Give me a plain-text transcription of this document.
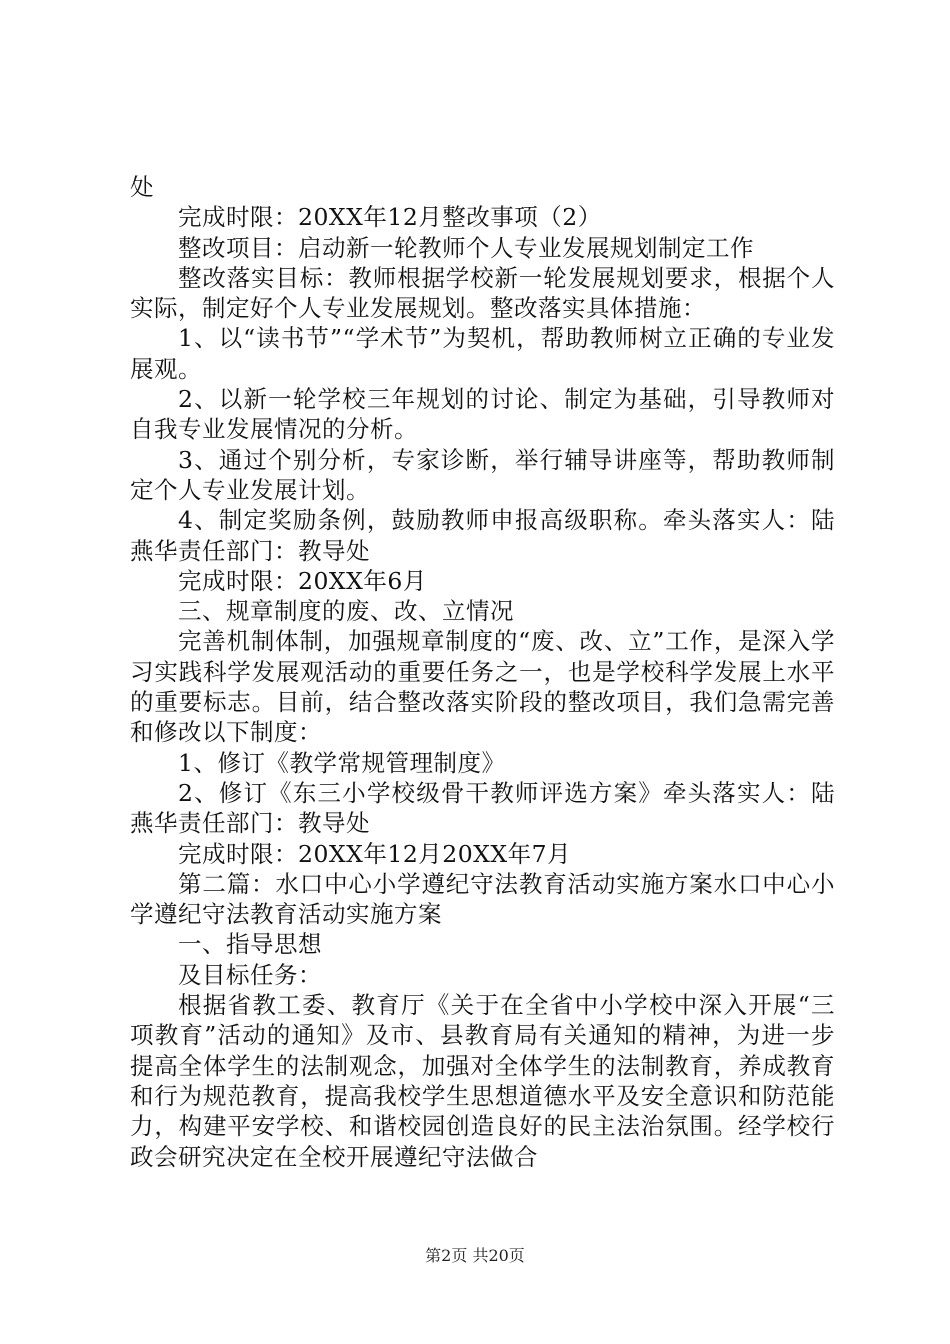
处

完成时限：20XX年12月整改事项（2）

整改项目：启动新一轮教师个人专业发展规划制定工作

整改落实目标：教师根据学校新一轮发展规划要求，根据个人实际，制定好个人专业发展规划。整改落实具体措施：

1、以“读书节”“学术节”为契机，帮助教师树立正确的专业发展观。

2、以新一轮学校三年规划的讨论、制定为基础，引导教师对自我专业发展情况的分析。

3、通过个别分析，专家诊断，举行辅导讲座等，帮助教师制定个人专业发展计划。

4、制定奖励条例，鼓励教师申报高级职称。牵头落实人：陆燕华责任部门：教导处

完成时限：20XX年6月

三、规章制度的废、改、立情况

完善机制体制，加强规章制度的“废、改、立”工作，是深入学习实践科学发展观活动的重要任务之一，也是学校科学发展上水平的重要标志。目前，结合整改落实阶段的整改项目，我们急需完善和修改以下制度：

1、修订《教学常规管理制度》

2、修订《东三小学校级骨干教师评选方案》牵头落实人：陆燕华责任部门：教导处

完成时限：20XX年12月20XX年7月

第二篇：水口中心小学遵纪守法教育活动实施方案水口中心小学遵纪守法教育活动实施方案

一、指导思想

及目标任务：

根据省教工委、教育厅《关于在全省中小学校中深入开展“三项教育”活动的通知》及市、县教育局有关通知的精神，为进一步提高全体学生的法制观念，加强对全体学生的法制教育，养成教育和行为规范教育，提高我校学生思想道德水平及安全意识和防范能力，构建平安学校、和谐校园创造良好的民主法治氛围。经学校行政会研究决定在全校开展遵纪守法做合

第2页 共20页
